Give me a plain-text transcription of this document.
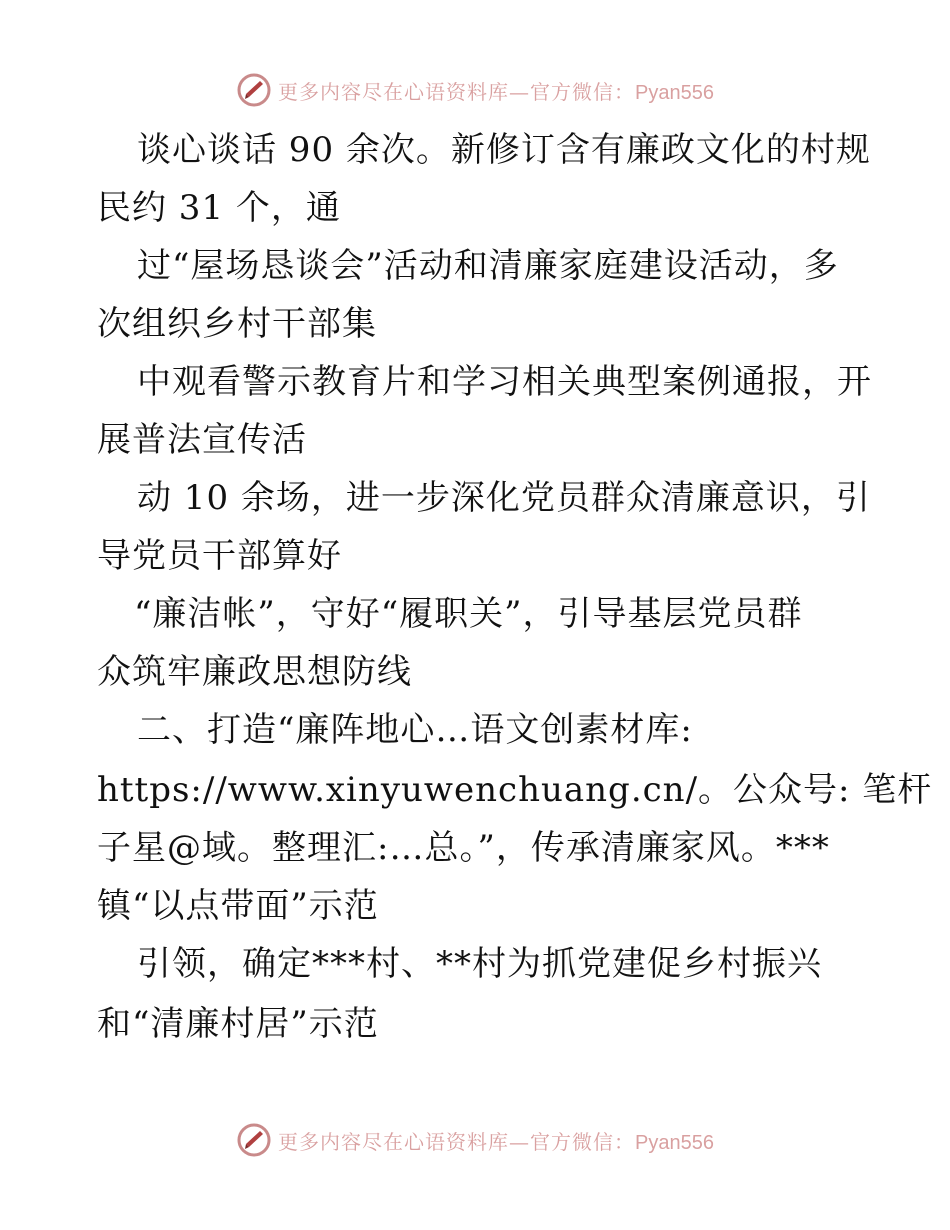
更多内容尽在心语资料库—官方微信：Pyan556
谈心谈话 90 余次。新修订含有廉政文化的村规
民约 31 个，通
过“屋场恳谈会”活动和清廉家庭建设活动，多
次组织乡村干部集
中观看警示教育片和学习相关典型案例通报，开
展普法宣传活
动 10 余场，进一步深化党员群众清廉意识，引
导党员干部算好
“廉洁帐”，守好“履职关”，引导基层党员群
众筑牢廉政思想防线
二、打造“廉阵地心…语文创素材库:
https://www.xinyuwenchuang.cn/。公众号: 笔杆
子星@域。整理汇:…总。”，传承清廉家风。***
镇“以点带面”示范
引领，确定***村、**村为抓党建促乡村振兴
和“清廉村居”示范
更多内容尽在心语资料库—官方微信：Pyan556
